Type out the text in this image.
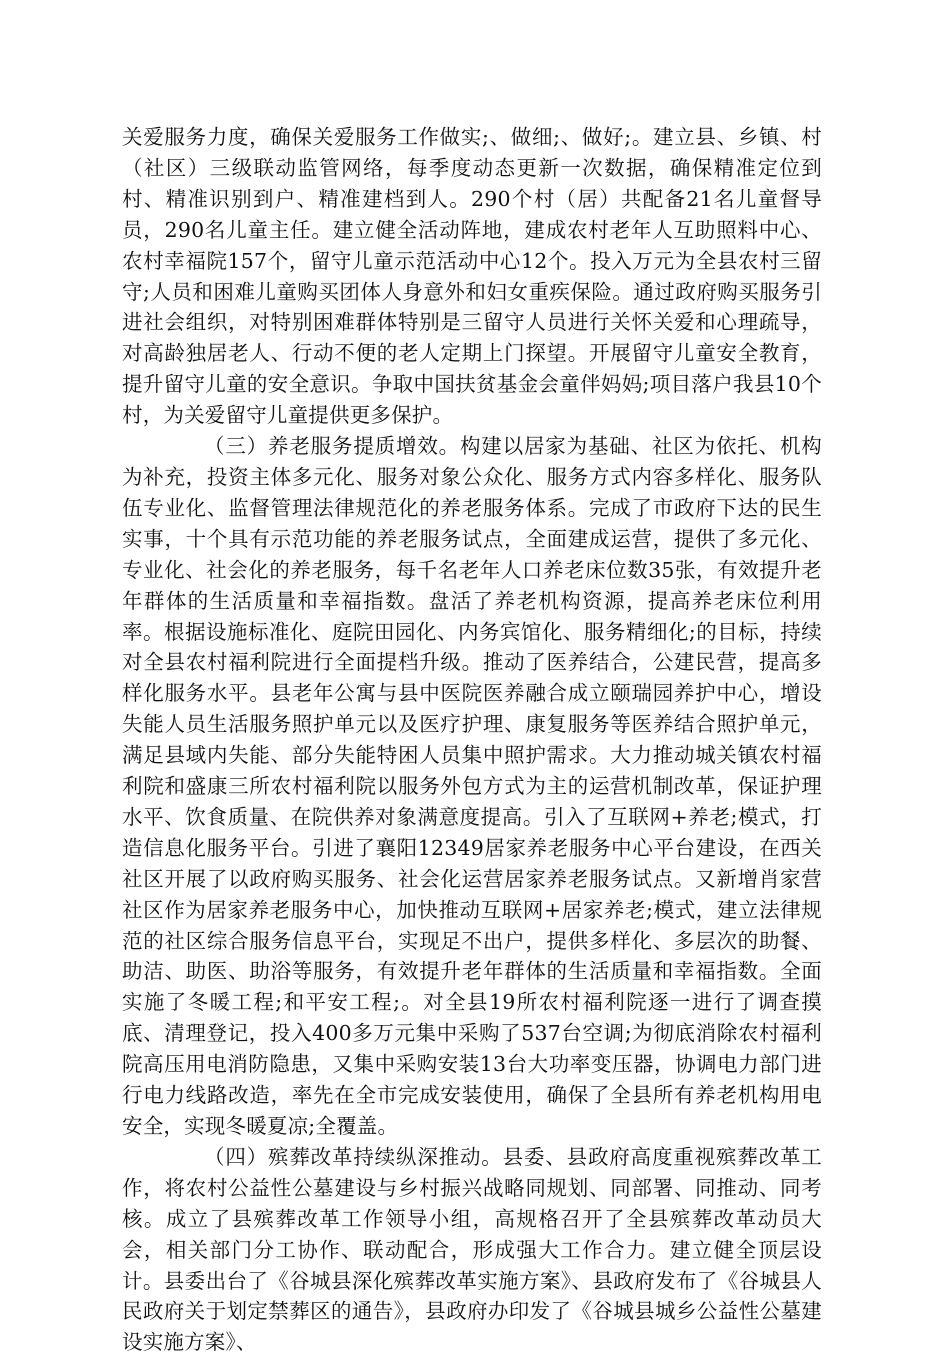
关爱服务力度，确保关爱服务工作做实;、做细;、做好;。建立县、乡镇、村（社区）三级联动监管网络，每季度动态更新一次数据，确保精准定位到村、精准识别到户、精准建档到人。290个村（居）共配备21名儿童督导员，290名儿童主任。建立健全活动阵地，建成农村老年人互助照料中心、农村幸福院157个，留守儿童示范活动中心12个。投入万元为全县农村三留守;人员和困难儿童购买团体人身意外和妇女重疾保险。通过政府购买服务引进社会组织，对特别困难群体特别是三留守人员进行关怀关爱和心理疏导，对高龄独居老人、行动不便的老人定期上门探望。开展留守儿童安全教育，提升留守儿童的安全意识。争取中国扶贫基金会童伴妈妈;项目落户我县10个村，为关爱留守儿童提供更多保护。

（三）养老服务提质增效。构建以居家为基础、社区为依托、机构为补充，投资主体多元化、服务对象公众化、服务方式内容多样化、服务队伍专业化、监督管理法律规范化的养老服务体系。完成了市政府下达的民生实事，十个具有示范功能的养老服务试点，全面建成运营，提供了多元化、专业化、社会化的养老服务，每千名老年人口养老床位数35张，有效提升老年群体的生活质量和幸福指数。盘活了养老机构资源，提高养老床位利用率。根据设施标准化、庭院田园化、内务宾馆化、服务精细化;的目标，持续对全县农村福利院进行全面提档升级。推动了医养结合，公建民营，提高多样化服务水平。县老年公寓与县中医院医养融合成立颐瑞园养护中心，增设失能人员生活服务照护单元以及医疗护理、康复服务等医养结合照护单元，满足县域内失能、部分失能特困人员集中照护需求。大力推动城关镇农村福利院和盛康三所农村福利院以服务外包方式为主的运营机制改革，保证护理水平、饮食质量、在院供养对象满意度提高。引入了互联网+养老;模式，打造信息化服务平台。引进了襄阳12349居家养老服务中心平台建设，在西关社区开展了以政府购买服务、社会化运营居家养老服务试点。又新增肖家营社区作为居家养老服务中心，加快推动互联网+居家养老;模式，建立法律规范的社区综合服务信息平台，实现足不出户，提供多样化、多层次的助餐、助洁、助医、助浴等服务，有效提升老年群体的生活质量和幸福指数。全面实施了冬暖工程;和平安工程;。对全县19所农村福利院逐一进行了调查摸底、清理登记，投入400多万元集中采购了537台空调;为彻底消除农村福利院高压用电消防隐患，又集中采购安装13台大功率变压器，协调电力部门进行电力线路改造，率先在全市完成安装使用，确保了全县所有养老机构用电安全，实现冬暖夏凉;全覆盖。

（四）殡葬改革持续纵深推动。县委、县政府高度重视殡葬改革工作，将农村公益性公墓建设与乡村振兴战略同规划、同部署、同推动、同考核。成立了县殡葬改革工作领导小组，高规格召开了全县殡葬改革动员大会，相关部门分工协作、联动配合，形成强大工作合力。建立健全顶层设计。县委出台了《谷城县深化殡葬改革实施方案》、县政府发布了《谷城县人民政府关于划定禁葬区的通告》，县政府办印发了《谷城县城乡公益性公墓建设实施方案》、
